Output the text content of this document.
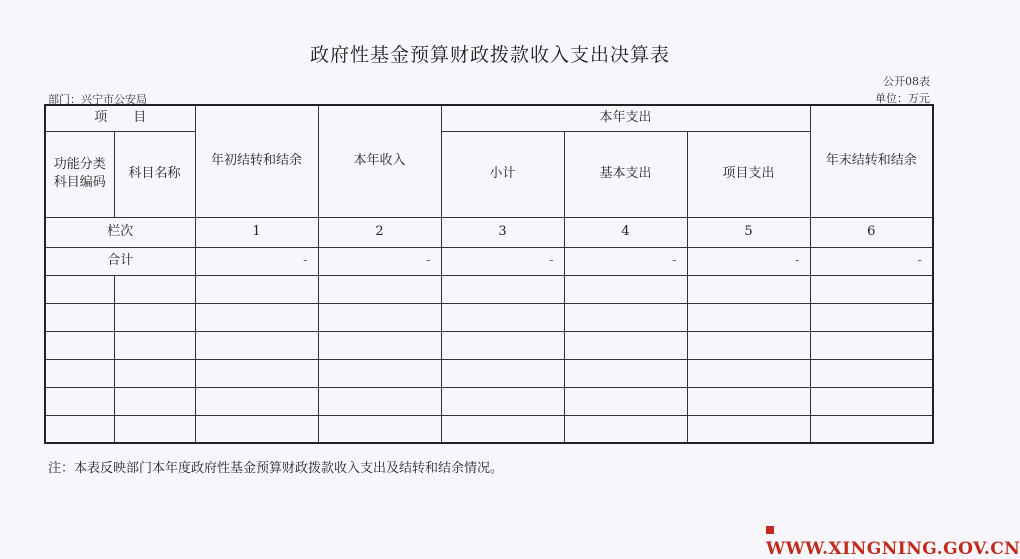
政府性基金预算财政拨款收入支出决算表
公开08表
部门：兴宁市公安局	单位：万元
项　　目		年初结转和结余	本年收入	本年支出			年末结转和结余
功能分类科目编码	科目名称			小计	基本支出	项目支出	
栏次		1	2	3	4	5	6
合计		-	-	-	-	-	-

注：本表反映部门本年度政府性基金预算财政拨款收入支出及结转和结余情况。
WWW.XINGNING.GOV.CN
